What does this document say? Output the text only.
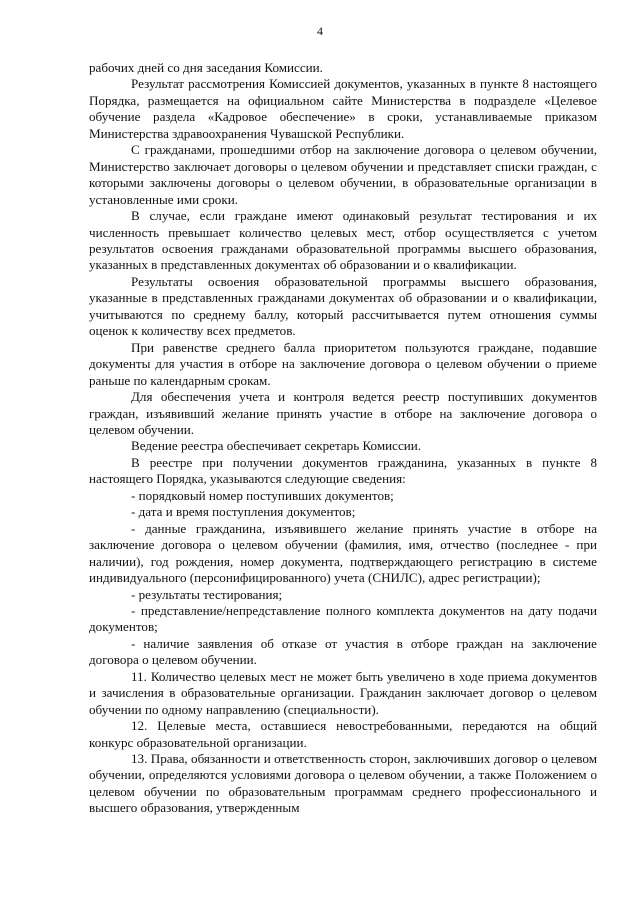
4

рабочих дней со дня заседания Комиссии.

Результат рассмотрения Комиссией документов, указанных в пункте 8 настоящего Порядка, размещается на официальном сайте Министерства в подразделе «Целевое обучение раздела «Кадровое обеспечение» в сроки, устанавливаемые приказом Министерства здравоохранения Чувашской Республики.

С гражданами, прошедшими отбор на заключение договора о целевом обучении, Министерство заключает договоры о целевом обучении и представляет списки граждан, с которыми заключены договоры о целевом обучении, в образовательные организации в установленные ими сроки.

В случае, если граждане имеют одинаковый результат тестирования и их численность превышает количество целевых мест, отбор осуществляется с учетом результатов освоения гражданами образовательной программы высшего образования, указанных в представленных документах об образовании и о квалификации.

Результаты освоения образовательной программы высшего образования, указанные в представленных гражданами документах об образовании и о квалификации, учитываются по среднему баллу, который рассчитывается путем отношения суммы оценок к количеству всех предметов.

При равенстве среднего балла приоритетом пользуются граждане, подавшие документы для участия в отборе на заключение договора о целевом обучении о приеме раньше по календарным срокам.

Для обеспечения учета и контроля ведется реестр поступивших документов граждан, изъявивший желание принять участие в отборе на заключение договора о целевом обучении.

Ведение реестра обеспечивает секретарь Комиссии.

В реестре при получении документов гражданина, указанных в пункте 8 настоящего Порядка, указываются следующие сведения:

- порядковый номер поступивших документов;

- дата и время поступления документов;

- данные гражданина, изъявившего желание принять участие в отборе на заключение договора о целевом обучении (фамилия, имя, отчество (последнее - при наличии), год рождения, номер документа, подтверждающего регистрацию в системе индивидуального (персонифицированного) учета (СНИЛС), адрес регистрации);

- результаты тестирования;

- представление/непредставление полного комплекта документов на дату подачи документов;

- наличие заявления об отказе от участия в отборе граждан на заключение договора о целевом обучении.

11. Количество целевых мест не может быть увеличено в ходе приема документов и зачисления в образовательные организации. Гражданин заключает договор о целевом обучении по одному направлению (специальности).

12. Целевые места, оставшиеся невостребованными, передаются на общий конкурс образовательной организации.

13. Права, обязанности и ответственность сторон, заключивших договор о целевом обучении, определяются условиями договора о целевом обучении, а также Положением о целевом обучении по образовательным программам среднего профессионального и высшего образования, утвержденным
